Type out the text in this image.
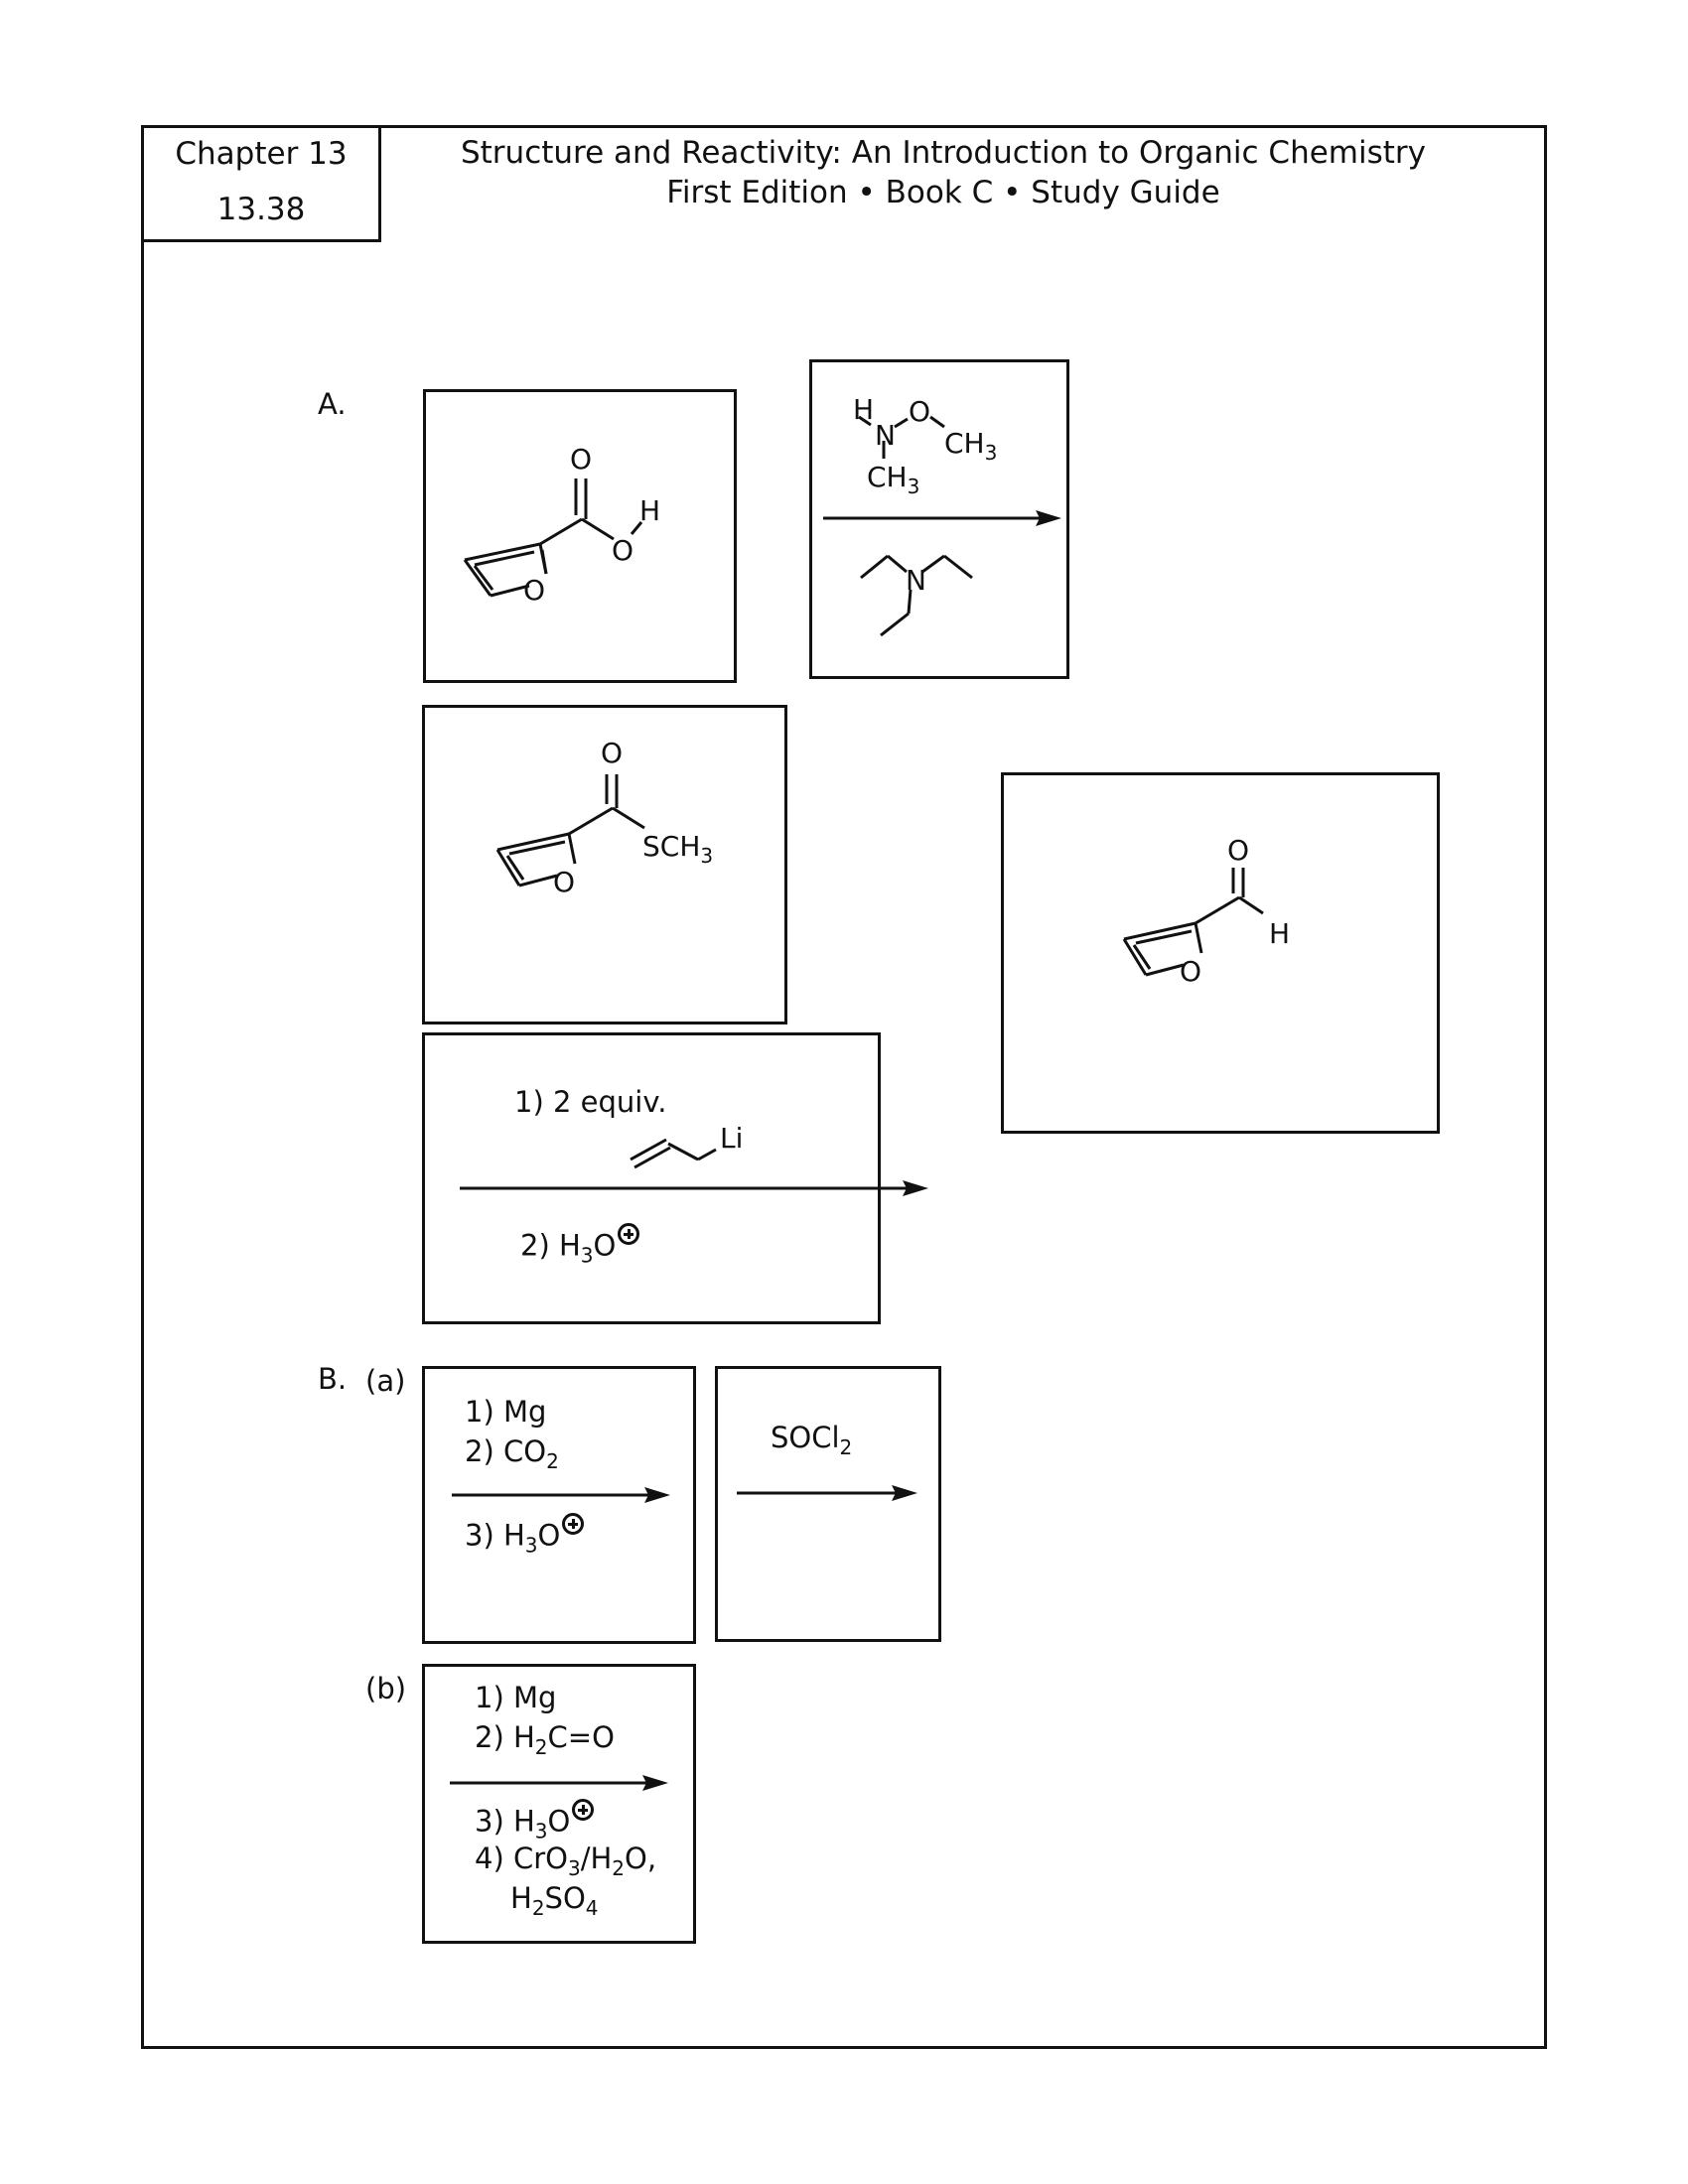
Chapter 13
13.38
Structure and Reactivity: An Introduction to Organic Chemistry
First Edition • Book C • Study Guide
A.
O
O
H
O
H
N
O
$CH_3$
$CH_3$
N
O
$SCH_3$
O
O
H
O
1) 2 equiv.
Li
2) $H_3O$
B. (a)
1) Mg
2) $CO_2$
3) $H_3O$
SOCl$_2$
(b) 1) Mg
2) $H_2C=O$
3) $H_3O$
4) $CrO_3/H_2O$,
$H_2SO_4$
